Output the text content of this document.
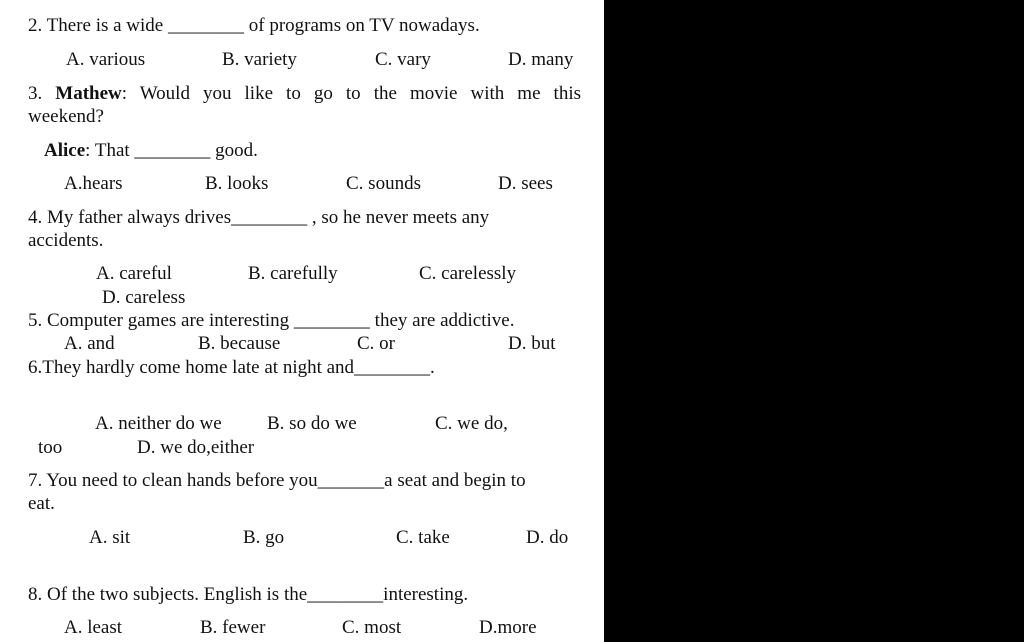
2. There is a wide ________ of programs on TV nowadays.
A. various	B. variety	C. vary	D. many
3. Mathew: Would you like to go to the movie with me this
weekend?
Alice: That ________ good.
A.hears	B. looks	C. sounds	D. sees
4. My father always drives________ , so he never meets any
accidents.
A. careful	B. carefully	C. carelessly
D. careless
5. Computer games are interesting ________ they are addictive.
A. and	B. because	C. or	D. but
6.They hardly come home late at night and________.
A. neither do we B. so do we	C. we do,
too	D. we do,either
7. You need to clean hands before you_______a seat and begin to
eat.
A. sit	B. go	C. take	D. do
8. Of the two subjects. English is the________interesting.
A. least	B. fewer	C. most	D.more
